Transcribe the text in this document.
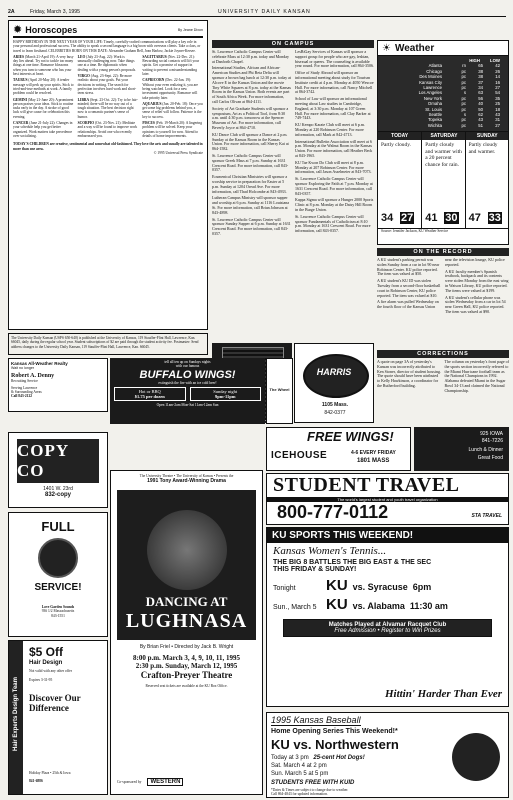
2A	Friday, March 3, 1995	UNIVERSITY DAILY KANSAN
✹ Horoscopes	By Jeane Dixon
HAPPY BIRTHDAY IN THE NEXT YEAR OF YOUR LIFE: Timely, carefully-crafted communications will play a key role in your personal and professional success. The ability to speak a second language is a big boon with overseas clients. Take a class, or travel to learn firsthand. CELEBRITIES BORN ON THIS DATE: Alexander Graham Bell, Jean Harlow, Jackie Joyner-Kersee.
ARIES (March 21-April 19): A very busy day lies ahead. Try not to tackle too many things at one time. Romance blossoms when you turn to someone who has your best interests at heart.
TAURUS (April 20-May 20): A tender message will perk up your spirits. Stick to tried-and-true methods at work. A family problem could be resolved.
GEMINI (May 21-June 20): A prominent person praises your ideas. Stick to routine tasks early in the day. A stroke of good luck will give cause for celebration this evening.
CANCER (June 21-July 22): Changes in your schedule help you get better organized. Work matters take precedence over socializing.
LEO (July 23-Aug. 22): Work is unusually challenging now. Take things one at a time. Be diplomatic when dealing with a young person's proposals.
VIRGO (Aug. 23-Sept. 22): Be more realistic about your goals. Put your decisions in writing. The search for perfection involves hard work and short-term stress.
LIBRA (Sept. 23-Oct. 22): Try to be fair-minded; there will be no way out of a tough situation. The best decision right now is a romantic partner's sense of humor.
SCORPIO (Oct. 23-Nov. 21): Meditate and a way will be found to improve work relationships. Avoid one who recently embarrassed you.
SAGITTARIUS (Nov. 22-Dec. 21): Rewarding social contacts will lift your spirits. Get a promise of support in writing to prevent a misunderstanding later.
CAPRICORN (Dec. 22-Jan. 19): Without your even realizing it, you are being watched. Look for a new investment opportunity. Romance will take priority later.
AQUARIUS (Jan. 20-Feb. 18): Once you get some big problems behind you, a sense of relief will follow. Patience is the key to success.
PISCES (Feb. 19-March 20): A lingering problem will be solved. Keep your opinions to yourself for now. Attend to details of home improvements.
TODAY'S CHILDREN are creative, sentimental and somewhat old-fashioned. They love the arts and usually are talented in more than one area.
© 1995 Universal Press Syndicate
The University Daily Kansan (USPS 650-640) is published at the University of Kansas, 119 Stauffer-Flint Hall, Lawrence, Kan. 66045, daily during the regular school year. Student subscriptions of $2 are paid through the student activity fee. Postmaster: Send address changes to the University Daily Kansan, 119 Stauffer-Flint Hall, Lawrence, Kan. 66045.
ON CAMPUS

St. Lawrence Catholic Campus Center will celebrate Mass at 12:30 p.m. today and Monday at Danforth Chapel.

International Studies, African and African-American Studies and Phi Beta Delta will sponsor a brown bag lunch at 12:30 p.m. today at Alcove E in the Kansas Union and the movie Tiny White Squares at 8 p.m. today at the Kansas Room in the Kansas Union. Both events are part of South Africa Week. For more information, call Carlos Olivan at 864-4111.

Society of Art Graduate Students will sponsor a symposium, Art as a Political Tool, from 8:30 a.m. until 4:30 p.m. tomorrow at the Spencer Museum of Art. For more information, call Beverly Joyce at 864-4710.

KU Dance Club will sponsor a Dance at 2 p.m. Sunday at the Kansas Room in the Kansas Union. For more information, call Sherry Kai at 864-1582.

St. Lawrence Catholic Campus Center will sponsor Greek Mass at 7 p.m. Sunday at 1631 Crescent Road. For more information, call 843-0357.

Ecumenical Christian Ministries will sponsor a worship service in preparation for Easter at 5 p.m. Sunday at 1204 Oread Ave. For more information, call Thad Holcombe at 843-4933.

Lutheran Campus Ministry will sponsor supper and worship at 6 p.m. Sunday at 1116 Louisiana St. For more information, call Brian Johnson at 843-4898.

St. Lawrence Catholic Campus Center will sponsor Sunday Supper at 6 p.m. Sunday at 1631 Crescent Road. For more information, call 843-0357.

LesBiGay Services of Kansas will sponsor a support group for people who are gay, lesbian, bisexual or queers. The counseling is available year round. For more information, call 864-3506.

Office of Study Abroad will sponsor an informational meeting about study for Tourism Institute credit at 4 p.m. Monday at 4050 Wescoe Hall. For more information, call Nancy Mitchell at 864-3742.

School of Law will sponsor an informational meeting about Law studies in Cambridge, England, at 3:30 p.m. Monday at 107 Green Hall. For more information, call Clay Barker at 749-7443.

KU Kempo Karate Club will meet at 6 p.m. Monday at 220 Robinson Center. For more information, call Mark at 842-4713.

International Bulletin Association will meet at 6 p.m. Monday at the Walnut Room in the Kansas Union. For more information, call Heather Beck at 843-1965.

KU Tae Kwon Do Club will meet at 8 p.m. Monday at 207 Robinson Center. For more information, call Jason Asselmeier at 843-7073.

St. Lawrence Catholic Campus Center will sponsor Exploring the Faith at 7 p.m. Monday at 1631 Crescent Road. For more information, call 843-0357.

Kappa Sigma will sponsor a Hunger 2000 Sports Clinic at 8 p.m. Monday at the Daisy Hill Room in the Burge Union.

St. Lawrence Catholic Campus Center will sponsor Fundamentals of Catholicism at 8:10 p.m. Monday at 1631 Crescent Road. For more information, call 843-0357.

☀ Weather
HIGH LOW
Atlanta	rn	65	42
Chicago	pc	38	26
Des Moines	pc	38	14
Kansas City	pc	37	16
Lawrence	pc	34	27
Los Angeles	s	63	54
New York	pc	56	35
Omaha	pc	40	25
St. Louis	pc	50	18
Seattle	s	62	43
Topeka	pc	43	31
Wichita	pc	51	27
TODAY
Partly cloudy.
34 27
SATURDAY
Partly cloudy and warmer with a 20 percent chance for rain.
41 30
SUNDAY
Partly cloudy and warmer.
47 33
Source: Jennifer Jackson, KU Weather Service
HARRIS
1105 Mass.
842-0377
ON THE RECORD

A KU student's parking permit was stolen Sunday from a car in lot 90 near Robinson Center. KU police reported. The item was valued at $50.

A KU student's KU ID was stolen Tuesday from a second-floor basketball court in Robinson Center, KU police reported. The item was valued at $10.

A fire alarm was pulled Wednesday on the fourth floor of the Kansas Union near the television lounge, KU police reported.

A KU faculty member's Spanish textbook, backpack and its contents were stolen Monday from the east wing in Watson Library, KU police reported. The items were valued at $199.

A KU student's cellular phone was stolen Wednesday from a car in lot 54 near Green Hall, KU police reported. The item was valued at $90.

CORRECTIONS
A quote on page 3A of yesterday's Kansan was incorrectly attributed to Ken Stoner, director of student housing. The quote should have been attributed to Kelly Hawkinson, a coordinator for the Rutherford building.
The column on yesterday's front page of the sports section incorrectly referred to the Miami Hurricane football team as the National Champions in 1992. Alabama defeated Miami in the Sugar Bowl 34-13 and claimed the National Championship.
Kansas All-Weather Realty
Wait no longer
Robert A. Denny
Recruiting Service
Serving Lawrence
& Surrounding Areas
Call 843-2122
tell all ten up on Sundays nights
with our famous
BUFFALO WINGS!
extinguish the fire with an ice cold beer!
Hot or BBQ
$1.75 per dozen
Sunday night
9pm-11pm
Open 11am-2am Mon-Sat 11am-12am Sun
The Wheel
COPY CO
1401 W. 23rd
832-copy
FREE WINGS!
ICEHOUSE	4-6 EVERY FRIDAY
1801 MASS
925 IOWA
841-7226
Lunch & Dinner
Great Food
STUDENT TRAVEL
The world's largest student and youth travel organization
800-777-0112	STA TRAVEL
FULL
SERVICE!
Love Garden Sounds
936 1/2 Massachusetts
843-1551
Hair Experts Design Team
$5 Off
Hair Design
Not valid with any other offer
Expires 3-31-95
Discover Our Difference
Holiday Plaza • 25th & Iowa
841-6886
The University Theatre • The University of Kansas • Presents the
1991 Tony Award-Winning Drama
DANCING AT
LUGHNASA
By Brian Friel • Directed by Jack B. Wright
8:00 p.m. March 3, 4, 9, 10, 11, 1995
2:30 p.m. Sunday, March 12, 1995
Crafton-Preyer Theatre
Reserved seat tickets are available at the KU Box Office.
Co-sponsored by	WESTERN
KU SPORTS THIS WEEKEND!
Kansas Women's Tennis...
THE BIG 8 BATTLES THE BIG EAST & THE SEC
THIS FRIDAY & SUNDAY!
Tonight	KU vs. Syracuse 6pm
Sun., March 5 KU vs. Alabama 11:30 am
Matches Played at Alvamar Racquet Club
Free Admission • Register to Win Prizes
Hittin' Harder Than Ever
1995 Kansas Baseball
Home Opening Series This Weekend!*
KU vs. Northwestern
Today at 3 pm 25-cent Hot Dogs!
Sat. March 4 at 2 pm
Sun. March 5 at 5 pm
STUDENTS FREE WITH KUID
*Dates & Times are subject to change due to weather.
Call 864-4843 for updated information.
